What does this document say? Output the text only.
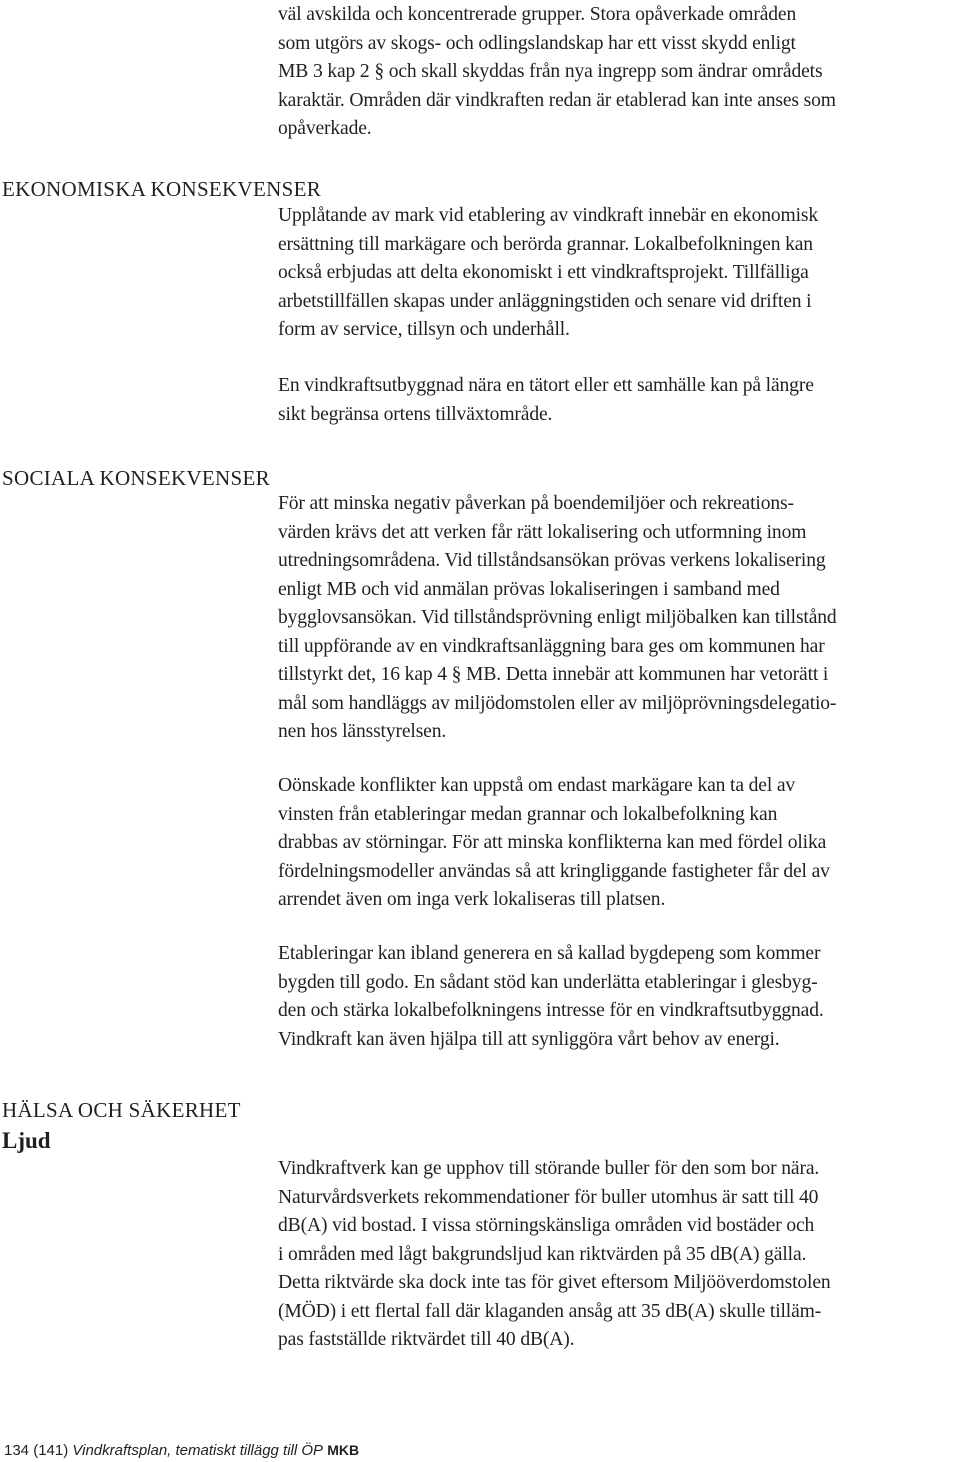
väl avskilda och koncentrerade grupper. Stora opåverkade områden
som utgörs av skogs- och odlingslandskap har ett visst skydd enligt
MB 3 kap 2 § och skall skyddas från nya ingrepp som ändrar områdets
karaktär. Områden där vindkraften redan är etablerad kan inte anses som
opåverkade.

EKONOMISKA KONSEKVENSER

Upplåtande av mark vid etablering av vindkraft innebär en ekonomisk
ersättning till markägare och berörda grannar. Lokalbefolkningen kan
också erbjudas att delta ekonomiskt i ett vindkraftsprojekt. Tillfälliga
arbetstillfällen skapas under anläggningstiden och senare vid driften i
form av service, tillsyn och underhåll.

En vindkraftsutbyggnad nära en tätort eller ett samhälle kan på längre
sikt begränsa ortens tillväxtområde.

SOCIALA KONSEKVENSER

För att minska negativ påverkan på boendemiljöer och rekreations-
värden krävs det att verken får rätt lokalisering och utformning inom
utredningsområdena. Vid tillståndsansökan prövas verkens lokalisering
enligt MB och vid anmälan prövas lokaliseringen i samband med
bygglovsansökan. Vid tillståndsprövning enligt miljöbalken kan tillstånd
till uppförande av en vindkraftsanläggning bara ges om kommunen har
tillstyrkt det, 16 kap 4 § MB. Detta innebär att kommunen har vetorätt i
mål som handläggs av miljödomstolen eller av miljöprövningsdelegatio-
nen hos länsstyrelsen.

Oönskade konflikter kan uppstå om endast markägare kan ta del av
vinsten från etableringar medan grannar och lokalbefolkning kan
drabbas av störningar. För att minska konflikterna kan med fördel olika
fördelningsmodeller användas så att kringliggande fastigheter får del av
arrendet även om inga verk lokaliseras till platsen.

Etableringar kan ibland generera en så kallad bygdepeng som kommer
bygden till godo. En sådant stöd kan underlätta etableringar i glesbyg-
den och stärka lokalbefolkningens intresse för en vindkraftsutbyggnad.
Vindkraft kan även hjälpa till att synliggöra vårt behov av energi.

HÄLSA OCH SÄKERHET
Ljud

Vindkraftverk kan ge upphov till störande buller för den som bor nära.
Naturvårdsverkets rekommendationer för buller utomhus är satt till 40
dB(A) vid bostad. I vissa störningskänsliga områden vid bostäder och
i områden med lågt bakgrundsljud kan riktvärden på 35 dB(A) gälla.
Detta riktvärde ska dock inte tas för givet eftersom Miljööverdomstolen
(MÖD) i ett flertal fall där klaganden ansåg att 35 dB(A) skulle tilläm-
pas fastställde riktvärdet till 40 dB(A).

134 (141) Vindkraftsplan, tematiskt tillägg till ÖP MKB
